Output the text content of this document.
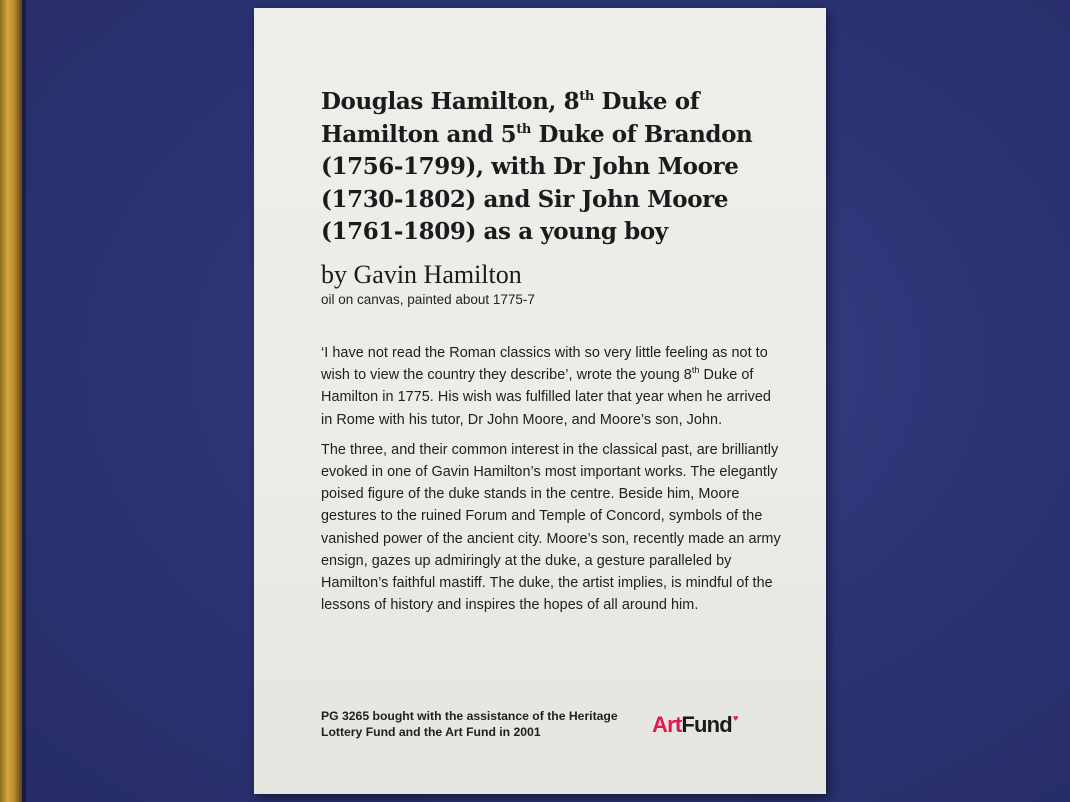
Douglas Hamilton, 8th Duke of
Hamilton and 5th Duke of Brandon
(1756-1799), with Dr John Moore
(1730-1802) and Sir John Moore
(1761-1809) as a young boy

by Gavin Hamilton

oil on canvas, painted about 1775-7

‘I have not read the Roman classics with so very little feeling as not to wish to view the country they describe’, wrote the young 8th Duke of Hamilton in 1775. His wish was fulfilled later that year when he arrived in Rome with his tutor, Dr John Moore, and Moore’s son, John.

The three, and their common interest in the classical past, are brilliantly evoked in one of Gavin Hamilton’s most important works. The elegantly poised figure of the duke stands in the centre. Beside him, Moore gestures to the ruined Forum and Temple of Concord, symbols of the vanished power of the ancient city. Moore’s son, recently made an army ensign, gazes up admiringly at the duke, a gesture paralleled by Hamilton’s faithful mastiff. The duke, the artist implies, is mindful of the lessons of history and inspires the hopes of all around him.

PG 3265 bought with the assistance of the Heritage Lottery Fund and the Art Fund in 2001	Art Fund ♥
